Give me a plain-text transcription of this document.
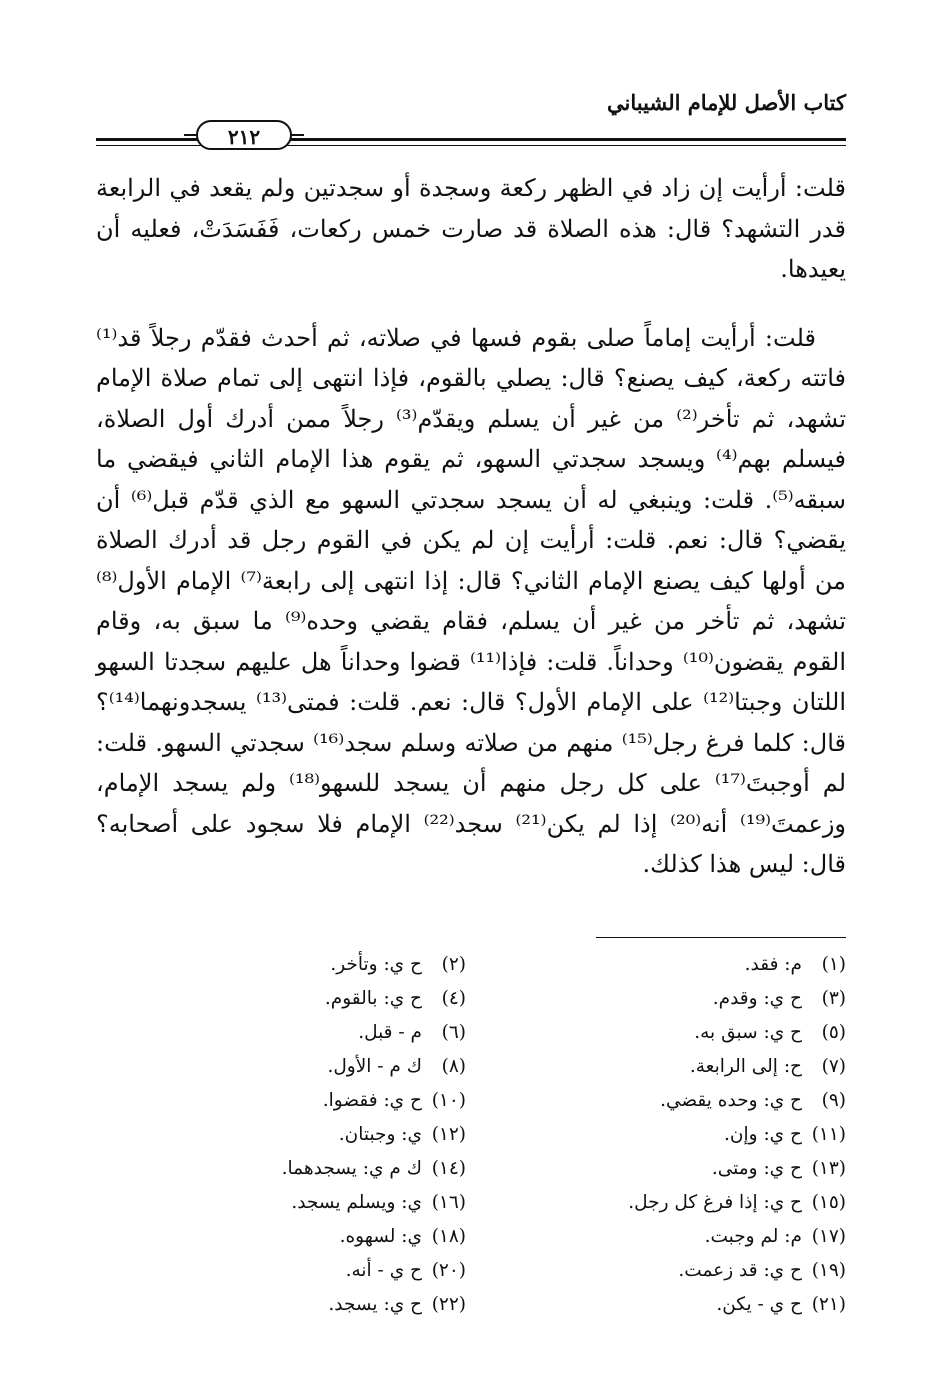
كتاب الأصل للإمام الشيباني
٢١٢

قلت: أرأيت إن زاد في الظهر ركعة وسجدة أو سجدتين ولم يقعد في الرابعة قدر التشهد؟ قال: هذه الصلاة قد صارت خمس ركعات، فَفَسَدَتْ، فعليه أن يعيدها.

قلت: أرأيت إماماً صلى بقوم فسها في صلاته، ثم أحدث فقدّم رجلاً قد⁽¹⁾ فاتته ركعة، كيف يصنع؟ قال: يصلي بالقوم، فإذا انتهى إلى تمام صلاة الإمام تشهد، ثم تأخر⁽²⁾ من غير أن يسلم ويقدّم⁽³⁾ رجلاً ممن أدرك أول الصلاة، فيسلم بهم⁽⁴⁾ ويسجد سجدتي السهو، ثم يقوم هذا الإمام الثاني فيقضي ما سبقه⁽⁵⁾. قلت: وينبغي له أن يسجد سجدتي السهو مع الذي قدّم قبل⁽⁶⁾ أن يقضي؟ قال: نعم. قلت: أرأيت إن لم يكن في القوم رجل قد أدرك الصلاة من أولها كيف يصنع الإمام الثاني؟ قال: إذا انتهى إلى رابعة⁽⁷⁾ الإمام الأول⁽⁸⁾ تشهد، ثم تأخر من غير أن يسلم، فقام يقضي وحده⁽⁹⁾ ما سبق به، وقام القوم يقضون⁽¹⁰⁾ وحداناً. قلت: فإذا⁽¹¹⁾ قضوا وحداناً هل عليهم سجدتا السهو اللتان وجبتا⁽¹²⁾ على الإمام الأول؟ قال: نعم. قلت: فمتى⁽¹³⁾ يسجدونهما⁽¹⁴⁾؟ قال: كلما فرغ رجل⁽¹⁵⁾ منهم من صلاته وسلم سجد⁽¹⁶⁾ سجدتي السهو. قلت: لم أوجبتَ⁽¹⁷⁾ على كل رجل منهم أن يسجد للسهو⁽¹⁸⁾ ولم يسجد الإمام، وزعمتَ⁽¹⁹⁾ أنه⁽²⁰⁾ إذا لم يكن⁽²¹⁾ سجد⁽²²⁾ الإمام فلا سجود على أصحابه؟ قال: ليس هذا كذلك.

(١)م: فقد.
(٣)ح ي: وقدم.
(٥)ح ي: سبق به.
(٧)ح: إلى الرابعة.
(٩)ح ي: وحده يقضي.
(١١)ح ي: وإن.
(١٣)ح ي: ومتى.
(١٥)ح ي: إذا فرغ كل رجل.
(١٧)م: لم وجبت.
(١٩)ح ي: قد زعمت.
(٢١)ح ي - يكن.
(٢)ح ي: وتأخر.
(٤)ح ي: بالقوم.
(٦)م - قبل.
(٨)ك م - الأول.
(١٠)ح ي: فقضوا.
(١٢)ي: وجبتان.
(١٤)ك م ي: يسجدهما.
(١٦)ي: ويسلم يسجد.
(١٨)ي: لسهوه.
(٢٠)ح ي - أنه.
(٢٢)ح ي: يسجد.
